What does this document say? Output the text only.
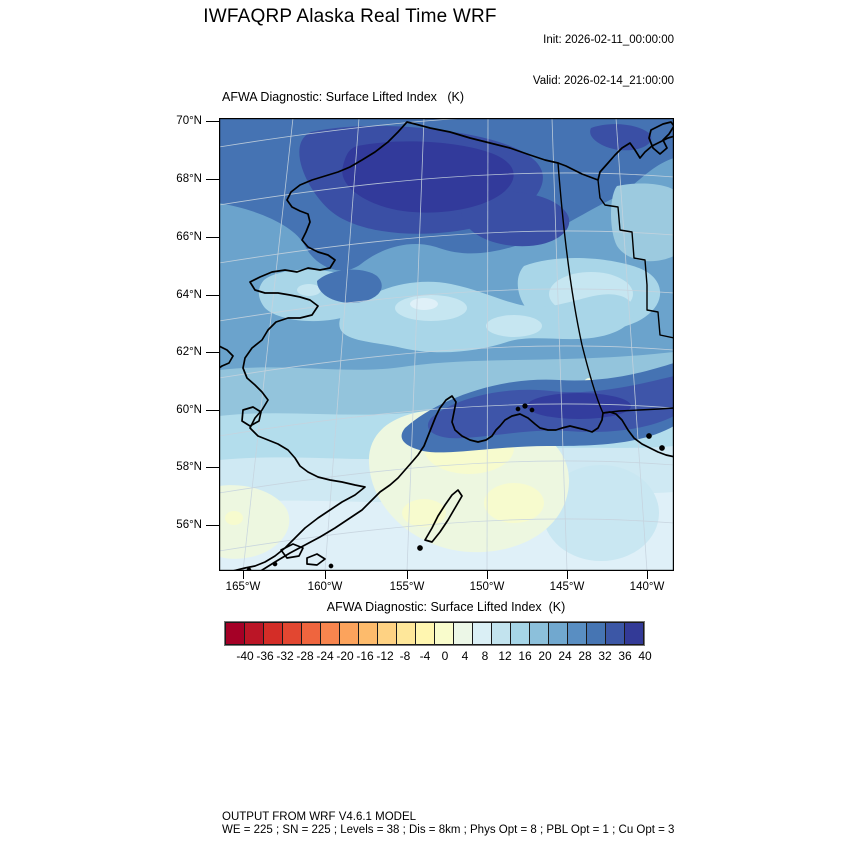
IWFAQRP Alaska Real Time WRF

Init: 2026-02-11_00:00:00

Valid: 2026-02-14_21:00:00

AFWA Diagnostic: Surface Lifted Index   (K)
70°N
68°N
66°N
64°N
62°N
60°N
58°N
56°N
165°W	160°W	155°W	150°W	145°W	140°W
AFWA Diagnostic: Surface Lifted Index  (K)
-40 -36 -32 -28 -24 -20 -16 -12 -8 -4 0	4	8 12 16 20 24 28 32 36 40
OUTPUT FROM WRF V4.6.1 MODEL
WE = 225 ; SN = 225 ; Levels = 38 ; Dis = 8km ; Phys Opt = 8 ; PBL Opt = 1 ; Cu Opt = 3
